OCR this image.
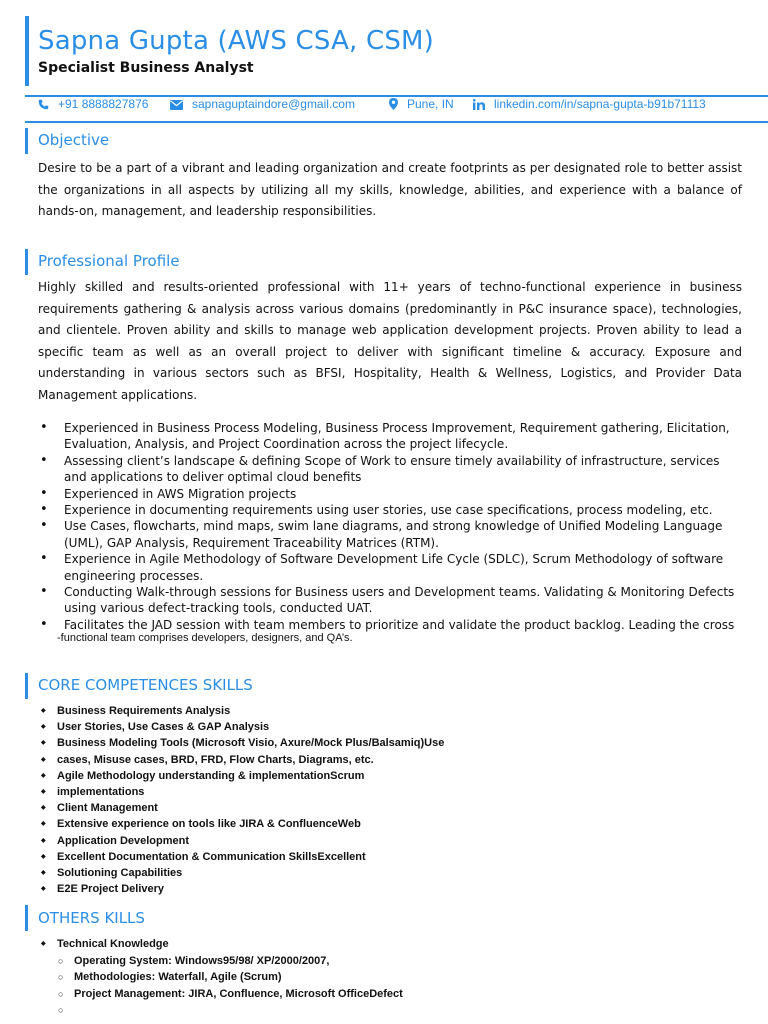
Sapna Gupta (AWS CSA, CSM)
Specialist Business Analyst
+91 8888827876	sapnaguptaindore@gmail.com	Pune, IN	linkedin.com/in/sapna-gupta-b91b71113
Objective
Desire to be a part of a vibrant and leading organization and create footprints as per designated role to better assist the organizations in all aspects by utilizing all my skills, knowledge, abilities, and experience with a balance of hands-on, management, and leadership responsibilities.
Professional Profile
Highly skilled and results-oriented professional with 11+ years of techno-functional experience in business requirements gathering & analysis across various domains (predominantly in P&C insurance space), technologies, and clientele. Proven ability and skills to manage web application development projects. Proven ability to lead a specific team as well as an overall project to deliver with significant timeline & accuracy. Exposure and understanding in various sectors such as BFSI, Hospitality, Health & Wellness, Logistics, and Provider Data Management applications.
• Experienced in Business Process Modeling, Business Process Improvement, Requirement gathering, Elicitation, Evaluation, Analysis, and Project Coordination across the project lifecycle.
• Assessing client’s landscape & defining Scope of Work to ensure timely availability of infrastructure, services and applications to deliver optimal cloud benefits
• Experienced in AWS Migration projects
• Experience in documenting requirements using user stories, use case specifications, process modeling, etc.
• Use Cases, flowcharts, mind maps, swim lane diagrams, and strong knowledge of Unified Modeling Language (UML), GAP Analysis, Requirement Traceability Matrices (RTM).
• Experience in Agile Methodology of Software Development Life Cycle (SDLC), Scrum Methodology of software engineering processes.
• Conducting Walk-through sessions for Business users and Development teams. Validating & Monitoring Defects using various defect-tracking tools, conducted UAT.
• Facilitates the JAD session with team members to prioritize and validate the product backlog. Leading the cross
-functional team comprises developers, designers, and QA’s.
CORE COMPETENCES SKILLS
◆ Business Requirements Analysis
◆ User Stories, Use Cases & GAP Analysis
◆ Business Modeling Tools (Microsoft Visio, Axure/Mock Plus/Balsamiq)Use
◆ cases, Misuse cases, BRD, FRD, Flow Charts, Diagrams, etc.
◆ Agile Methodology understanding & implementationScrum
◆ implementations
◆ Client Management
◆ Extensive experience on tools like JIRA & ConfluenceWeb
◆ Application Development
◆ Excellent Documentation & Communication SkillsExcellent
◆ Solutioning Capabilities
◆ E2E Project Delivery
OTHERS KILLS
◆ Technical Knowledge
○ Operating System: Windows95/98/ XP/2000/2007,
○ Methodologies: Waterfall, Agile (Scrum)
○ Project Management: JIRA, Confluence, Microsoft OfficeDefect
○
